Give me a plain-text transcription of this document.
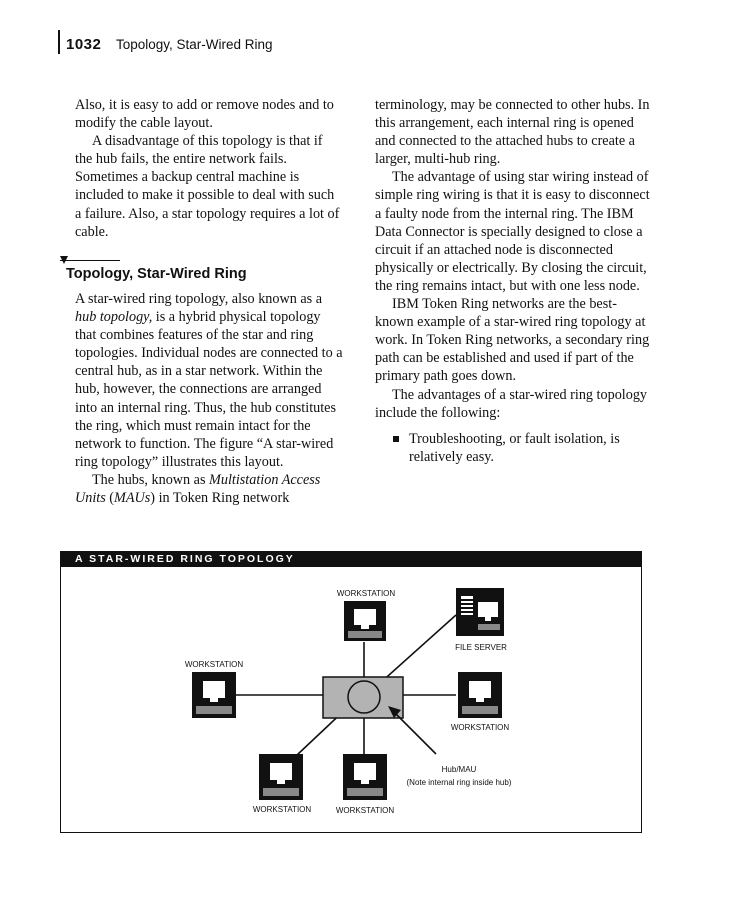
1032 Topology, Star-Wired Ring

Also, it is easy to add or remove nodes and to modify the cable layout.

A disadvantage of this topology is that if the hub fails, the entire network fails. Sometimes a backup central machine is included to make it possible to deal with such a failure. Also, a star topology requires a lot of cable.

Topology, Star-Wired Ring

A star-wired ring topology, also known as a hub topology, is a hybrid physical topology that combines features of the star and ring topologies. Individual nodes are connected to a central hub, as in a star network. Within the hub, however, the connections are arranged into an internal ring. Thus, the hub constitutes the ring, which must remain intact for the network to function. The figure “A star-wired ring topology” illustrates this layout.

The hubs, known as Multistation Access Units (MAUs) in Token Ring network

terminology, may be connected to other hubs. In this arrangement, each internal ring is opened and connected to the attached hubs to create a larger, multi-hub ring.

The advantage of using star wiring instead of simple ring wiring is that it is easy to disconnect a faulty node from the internal ring. The IBM Data Connector is specially designed to close a circuit if an attached node is disconnected physically or electrically. By closing the circuit, the ring remains intact, but with one less node.

IBM Token Ring networks are the best-known example of a star-wired ring topology at work. In Token Ring networks, a secondary ring path can be established and used if part of the primary path goes down.

The advantages of a star-wired ring topology include the following:

Troubleshooting, or fault isolation, is relatively easy.
WORKSTATION
FILE SERVER
WORKSTATION
WORKSTATION
WORKSTATION	WORKSTATION
Hub/MAU
(Note internal ring inside hub)
A STAR-WIRED RING TOPOLOGY
